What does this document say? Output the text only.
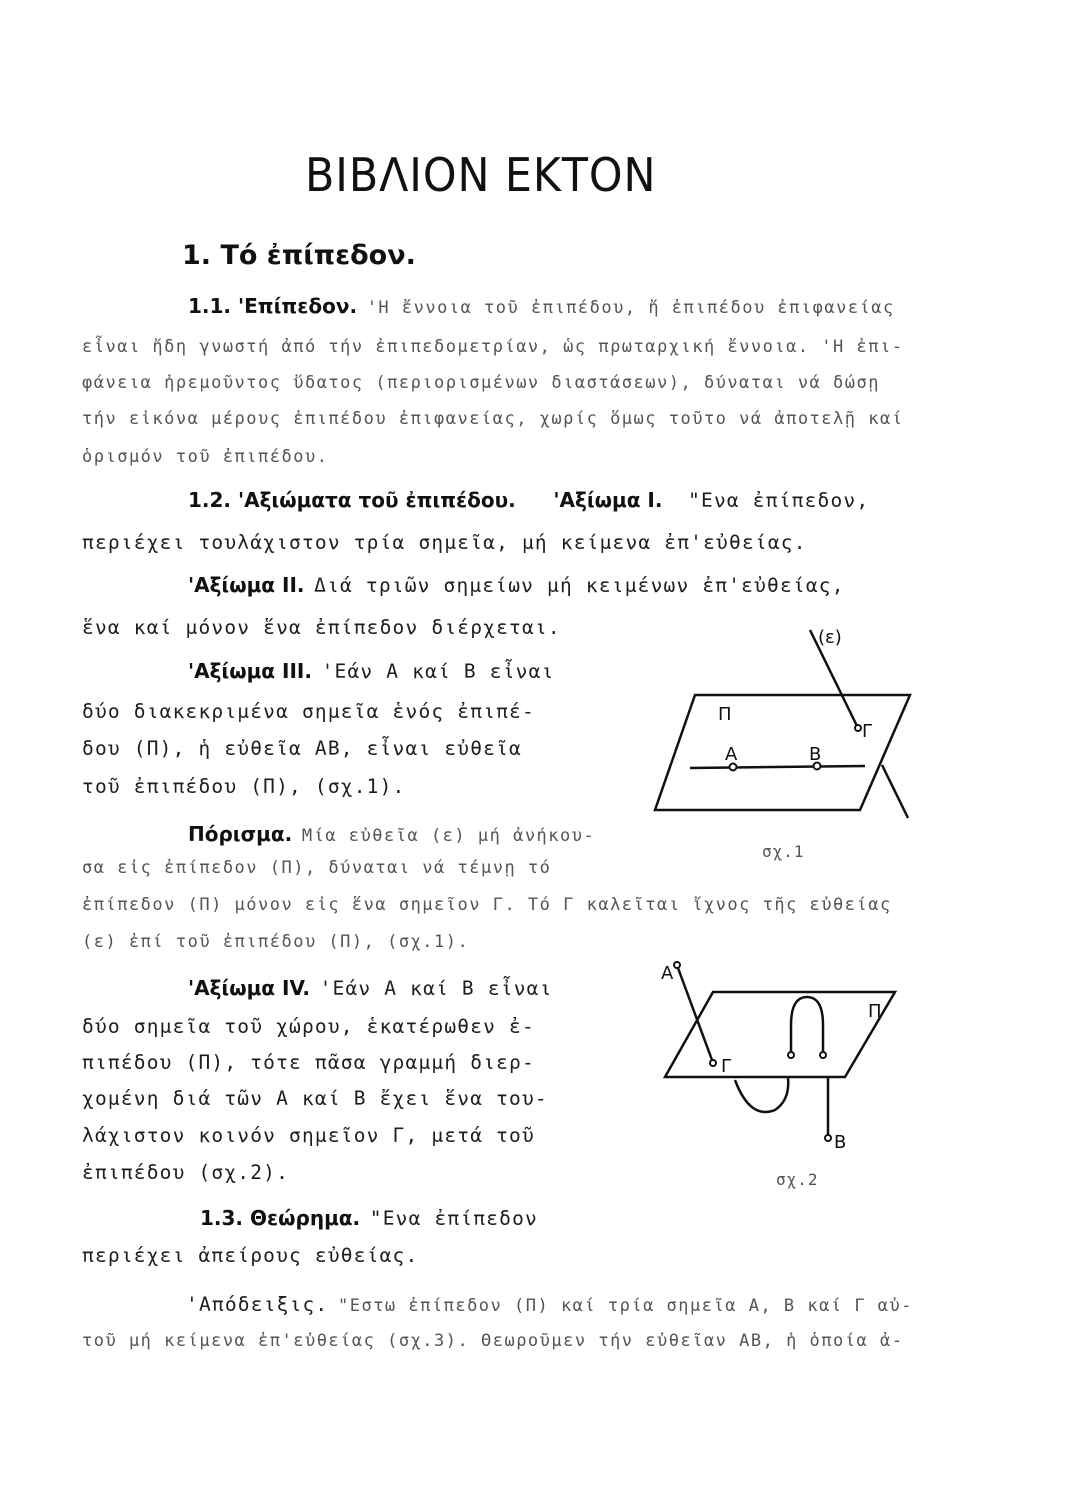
ΒΙΒΛΙΟΝ ΕΚΤΟΝ
1. Τό ἐπίπεδον.
1.1. 'Επίπεδον. 'Η ἔννοια τοῦ ἐπιπέδου, ἤ ἐπιπέδου ἐπιφανείας
εἶναι ἤδη γνωστή ἀπό τήν ἐπιπεδομετρίαν, ὡς πρωταρχική ἔννοια. 'Η ἐπι-
φάνεια ἠρεμοῦντος ὕδατος (περιορισμένων διαστάσεων), δύναται νά δώσῃ
τήν εἰκόνα μέρους ἐπιπέδου ἐπιφανείας, χωρίς ὅμως τοῦτο νά ἀποτελῇ καί
ὁρισμόν τοῦ ἐπιπέδου.
1.2. 'Αξιώματα τοῦ ἐπιπέδου. 'Αξίωμα I. "Ενα ἐπίπεδον,
περιέχει τουλάχιστον τρία σημεῖα, μή κείμενα ἐπ'εὐθείας.
'Αξίωμα II. Διά τριῶν σημείων μή κειμένων ἐπ'εὐθείας,
ἕνα καί μόνον ἕνα ἐπίπεδον διέρχεται.
'Αξίωμα III. 'Εάν Α καί Β εἶναι
δύο διακεκριμένα σημεῖα ἑνός ἐπιπέ-
δου (Π), ἡ εὐθεῖα ΑΒ, εἶναι εὐθεῖα
τοῦ ἐπιπέδου (Π), (σχ.1).
Πόρισμα. Μία εὐθεῖα (ε) μή ἀνήκου-
σα εἰς ἐπίπεδον (Π), δύναται νά τέμνῃ τό
ἐπίπεδον (Π) μόνον εἰς ἕνα σημεῖον Γ. Τό Γ καλεῖται ἴχνος τῆς εὐθείας
(ε) ἐπί τοῦ ἐπιπέδου (Π), (σχ.1).
'Αξίωμα IV. 'Εάν Α καί Β εἶναι
δύο σημεῖα τοῦ χώρου, ἑκατέρωθεν ἐ-
πιπέδου (Π), τότε πᾶσα γραμμή διερ-
χομένη διά τῶν Α καί Β ἔχει ἕνα του-
λάχιστον κοινόν σημεῖον Γ, μετά τοῦ
ἐπιπέδου (σχ.2).
1.3. Θεώρημα. "Ενα ἐπίπεδον
περιέχει ἀπείρους εὐθείας.
'Απόδειξις. "Εστω ἐπίπεδον (Π) καί τρία σημεῖα Α, Β καί Γ αὐ-
τοῦ μή κείμενα ἐπ'εὐθείας (σχ.3). Θεωροῦμεν τήν εὐθεῖαν ΑΒ, ἡ ὁποία ἀ-
(ε)
Π
Γ
Α	Β
σχ.1
Α
Π
Γ
Β
σχ.2
